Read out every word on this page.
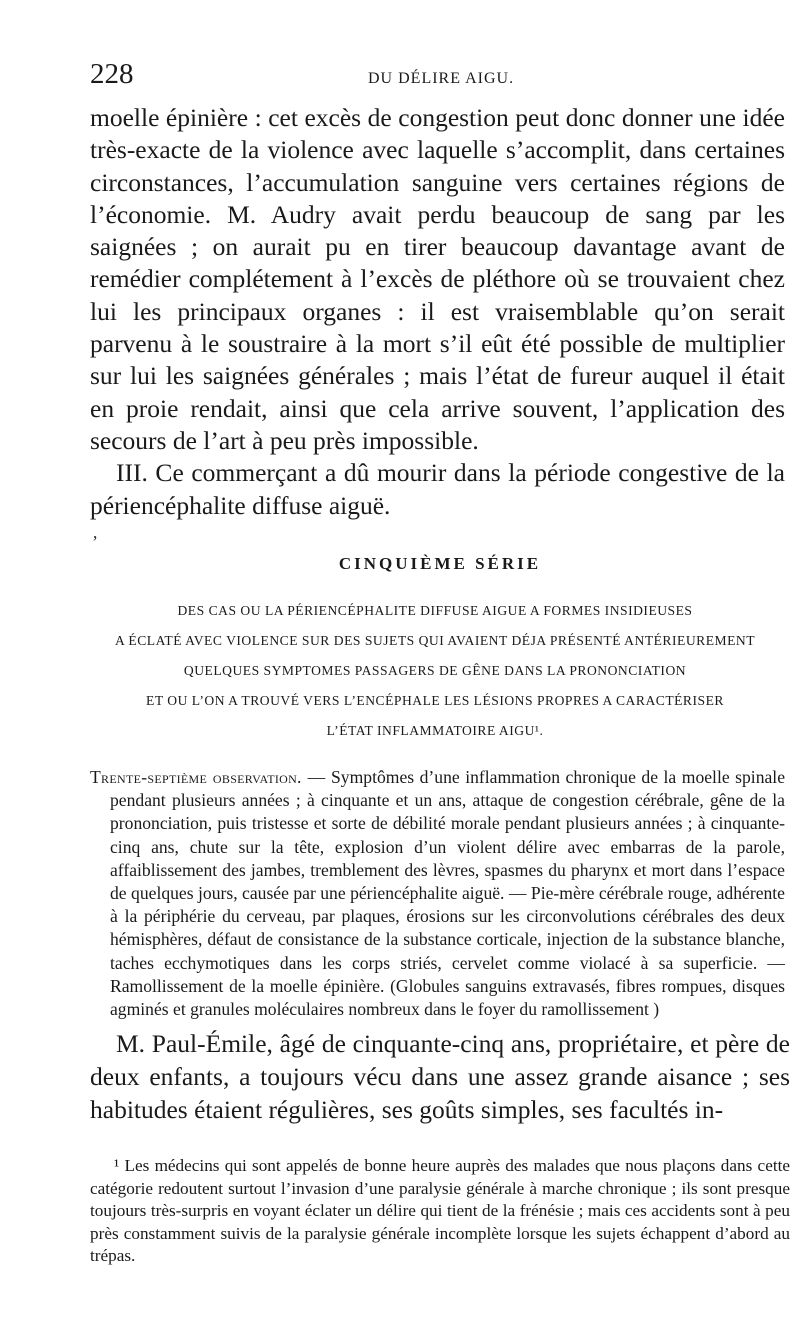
228	DU DÉLIRE AIGU.

moelle épinière : cet excès de congestion peut donc donner une idée très-exacte de la violence avec laquelle s’accomplit, dans certaines circonstances, l’accumulation sanguine vers certaines régions de l’économie. M. Audry avait perdu beaucoup de sang par les saignées ; on aurait pu en tirer beaucoup davantage avant de remédier complétement à l’excès de pléthore où se trouvaient chez lui les principaux organes : il est vraisemblable qu’on serait parvenu à le soustraire à la mort s’il eût été possible de multiplier sur lui les saignées générales ; mais l’état de fureur auquel il était en proie rendait, ainsi que cela arrive souvent, l’application des secours de l’art à peu près impossible.

III. Ce commerçant a dû mourir dans la période congestive de la périencéphalite diffuse aiguë.

’
CINQUIÈME SÉRIE
DES CAS OU LA PÉRIENCÉPHALITE DIFFUSE AIGUE A FORMES INSIDIEUSES
A ÉCLATÉ AVEC VIOLENCE SUR DES SUJETS QUI AVAIENT DÉJA PRÉSENTÉ ANTÉRIEUREMENT
QUELQUES SYMPTOMES PASSAGERS DE GÊNE DANS LA PRONONCIATION
ET OU L’ON A TROUVÉ VERS L’ENCÉPHALE LES LÉSIONS PROPRES A CARACTÉRISER
L’ÉTAT INFLAMMATOIRE AIGU¹.

Trente-septième observation. — Symptômes d’une inflammation chronique de la moelle spinale pendant plusieurs années ; à cinquante et un ans, attaque de congestion cérébrale, gêne de la prononciation, puis tristesse et sorte de débilité morale pendant plusieurs années ; à cinquante-cinq ans, chute sur la tête, explosion d’un violent délire avec embarras de la parole, affaiblissement des jambes, tremblement des lèvres, spasmes du pharynx et mort dans l’espace de quelques jours, causée par une périencéphalite aiguë. — Pie-mère cérébrale rouge, adhérente à la périphérie du cerveau, par plaques, érosions sur les circonvolutions cérébrales des deux hémisphères, défaut de consistance de la substance corticale, injection de la substance blanche, taches ecchymotiques dans les corps striés, cervelet comme violacé à sa superficie. — Ramollissement de la moelle épinière. (Globules sanguins extravasés, fibres rompues, disques agminés et granules moléculaires nombreux dans le foyer du ramollissement )

M. Paul-Émile, âgé de cinquante-cinq ans, propriétaire, et père de deux enfants, a toujours vécu dans une assez grande aisance ; ses habitudes étaient régulières, ses goûts simples, ses facultés in-

¹ Les médecins qui sont appelés de bonne heure auprès des malades que nous plaçons dans cette catégorie redoutent surtout l’invasion d’une paralysie générale à marche chronique ; ils sont presque toujours très-surpris en voyant éclater un délire qui tient de la frénésie ; mais ces accidents sont à peu près constamment suivis de la paralysie générale incomplète lorsque les sujets échappent d’abord au trépas.
